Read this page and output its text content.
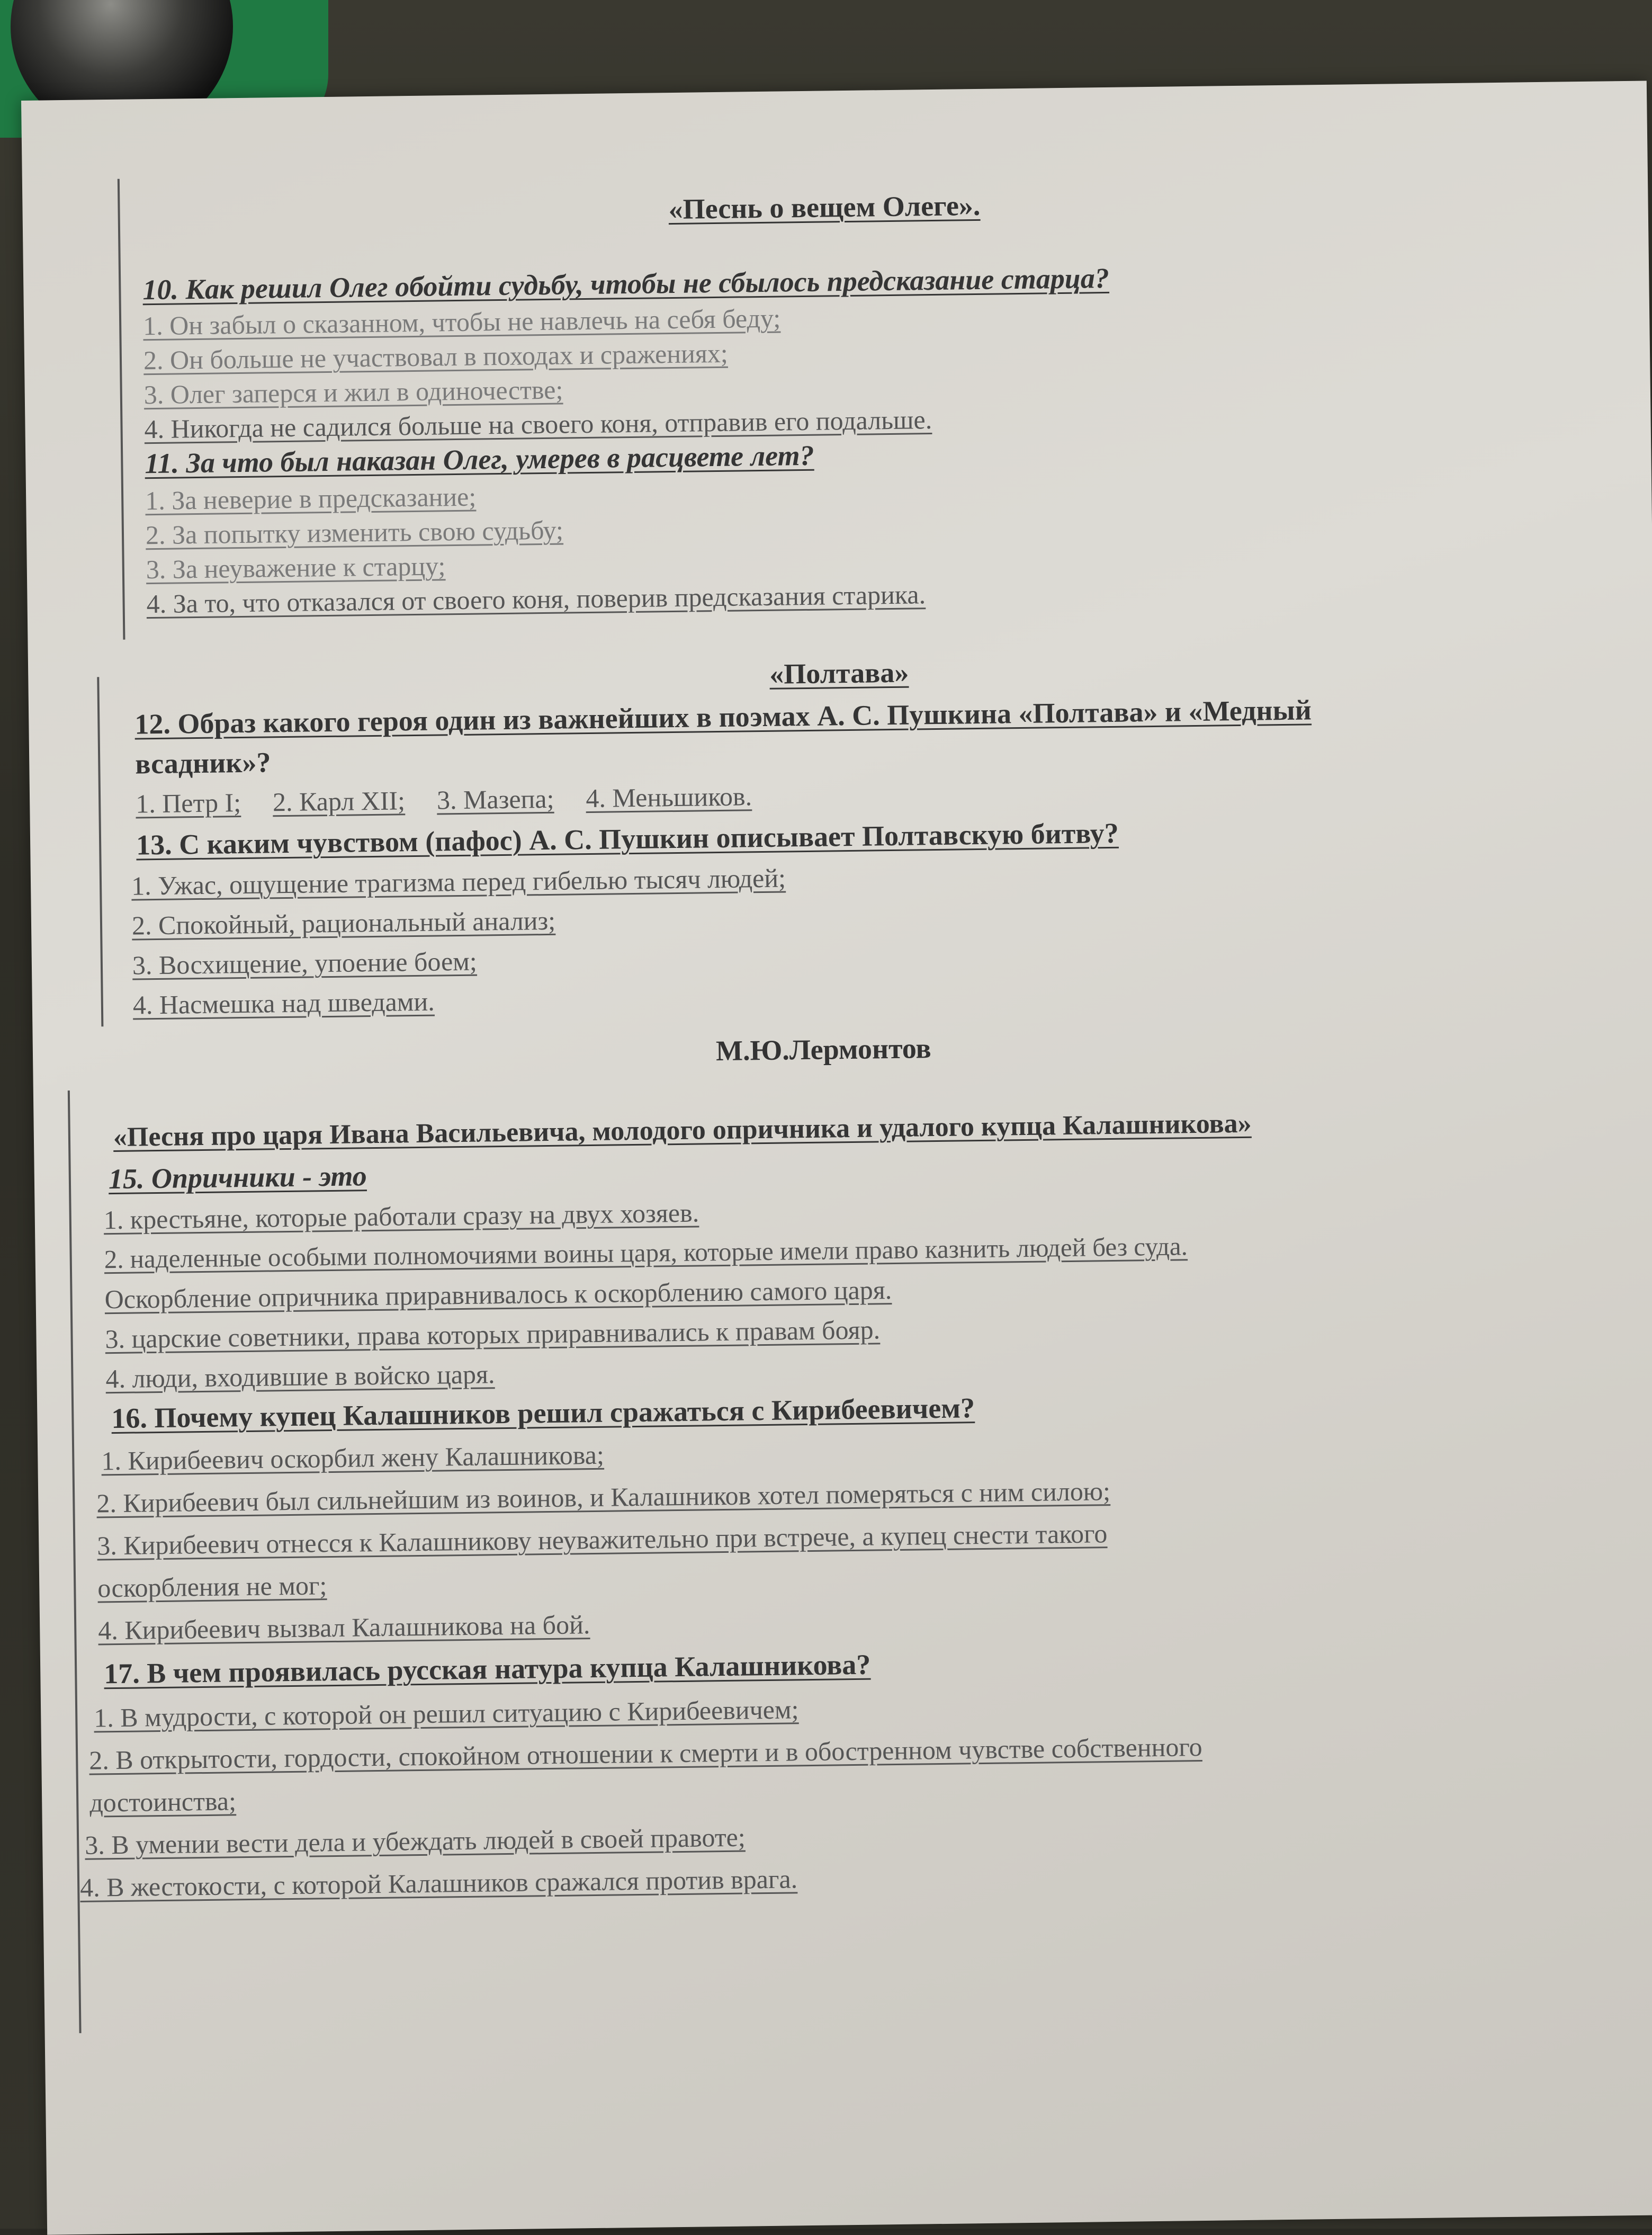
«Песнь о вещем Олеге».
10. Как решил Олег обойти судьбу, чтобы не сбылось предсказание старца?
1. Он забыл о сказанном, чтобы не навлечь на себя беду;
2. Он больше не участвовал в походах и сражениях;
3. Олег заперся и жил в одиночестве;
4. Никогда не садился больше на своего коня, отправив его подальше.
11. За что был наказан Олег, умерев в расцвете лет?
1. За неверие в предсказание;
2. За попытку изменить свою судьбу;
3. За неуважение к старцу;
4. За то, что отказался от своего коня, поверив предсказания старика.
«Полтава»
12. Образ какого героя один из важнейших в поэмах А. С. Пушкина «Полтава» и «Медный
всадник»?
1. Петр I; 2. Карл XII; 3. Мазепа; 4. Меньшиков.
13. С каким чувством (пафос) А. С. Пушкин описывает Полтавскую битву?
1. Ужас, ощущение трагизма перед гибелью тысяч людей;
2. Спокойный, рациональный анализ;
3. Восхищение, упоение боем;
4. Насмешка над шведами.
М.Ю.Лермонтов
«Песня про царя Ивана Васильевича, молодого опричника и удалого купца Калашникова»
15. Опричники - это
1. крестьяне, которые работали сразу на двух хозяев.
2. наделенные особыми полномочиями воины царя, которые имели право казнить людей без суда.
Оскорбление опричника приравнивалось к оскорблению самого царя.
3. царские советники, права которых приравнивались к правам бояр.
4. люди, входившие в войско царя.
16. Почему купец Калашников решил сражаться с Кирибеевичем?
1. Кирибеевич оскорбил жену Калашникова;
2. Кирибеевич был сильнейшим из воинов, и Калашников хотел померяться с ним силою;
3. Кирибеевич отнесся к Калашникову неуважительно при встрече, а купец снести такого
оскорбления не мог;
4. Кирибеевич вызвал Калашникова на бой.
17. В чем проявилась русская натура купца Калашникова?
1. В мудрости, с которой он решил ситуацию с Кирибеевичем;
2. В открытости, гордости, спокойном отношении к смерти и в обостренном чувстве собственного
достоинства;
3. В умении вести дела и убеждать людей в своей правоте;
4. В жестокости, с которой Калашников сражался против врага.
